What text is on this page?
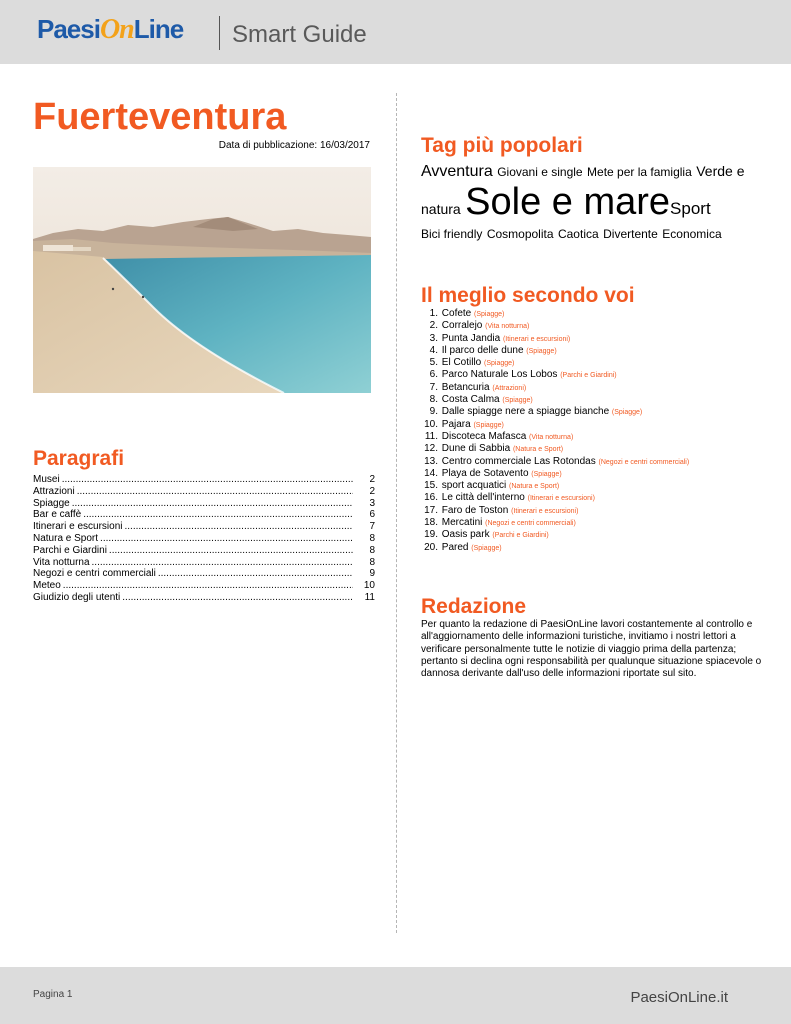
PaesiOnLine	Smart Guide
Fuerteventura
Data di pubblicazione: 16/03/2017
Paragrafi
Musei .....	2
Attrazioni .....	2
Spiagge .....	3
Bar e caffè .....	6
Itinerari e escursioni .....	7
Natura e Sport .....	8
Parchi e Giardini .....	8
Vita notturna .....	8
Negozi e centri commerciali .....	9
Meteo .....	10
Giudizio degli utenti .....	11
Tag più popolari
Avventura Giovani e single Mete per la famiglia Verde e natura Sole e mareSport
Bici friendly Cosmopolita Caotica Divertente Economica
Il meglio secondo voi
1. Cofete (Spiagge)
2. Corralejo (Vita notturna)
3. Punta Jandia (Itinerari e escursioni)
4. Il parco delle dune (Spiagge)
5. El Cotillo (Spiagge)
6. Parco Naturale Los Lobos (Parchi e Giardini)
7. Betancuria (Attrazioni)
8. Costa Calma (Spiagge)
9. Dalle spiagge nere a spiagge bianche (Spiagge)
10. Pajara (Spiagge)
11. Discoteca Mafasca (Vita notturna)
12. Dune di Sabbia (Natura e Sport)
13. Centro commerciale Las Rotondas (Negozi e centri commerciali)
14. Playa de Sotavento (Spiagge)
15. sport acquatici (Natura e Sport)
16. Le città dell'interno (Itinerari e escursioni)
17. Faro de Toston (Itinerari e escursioni)
18. Mercatini (Negozi e centri commerciali)
19. Oasis park (Parchi e Giardini)
20. Pared (Spiagge)
Redazione
Per quanto la redazione di PaesiOnLine lavori costantemente al controllo e all'aggiornamento delle informazioni turistiche, invitiamo i nostri lettori a verificare personalmente tutte le notizie di viaggio prima della partenza; pertanto si declina ogni responsabilità per qualunque situazione spiacevole o dannosa derivante dall'uso delle informazioni riportate sul sito.
Pagina 1	PaesiOnLine.it
